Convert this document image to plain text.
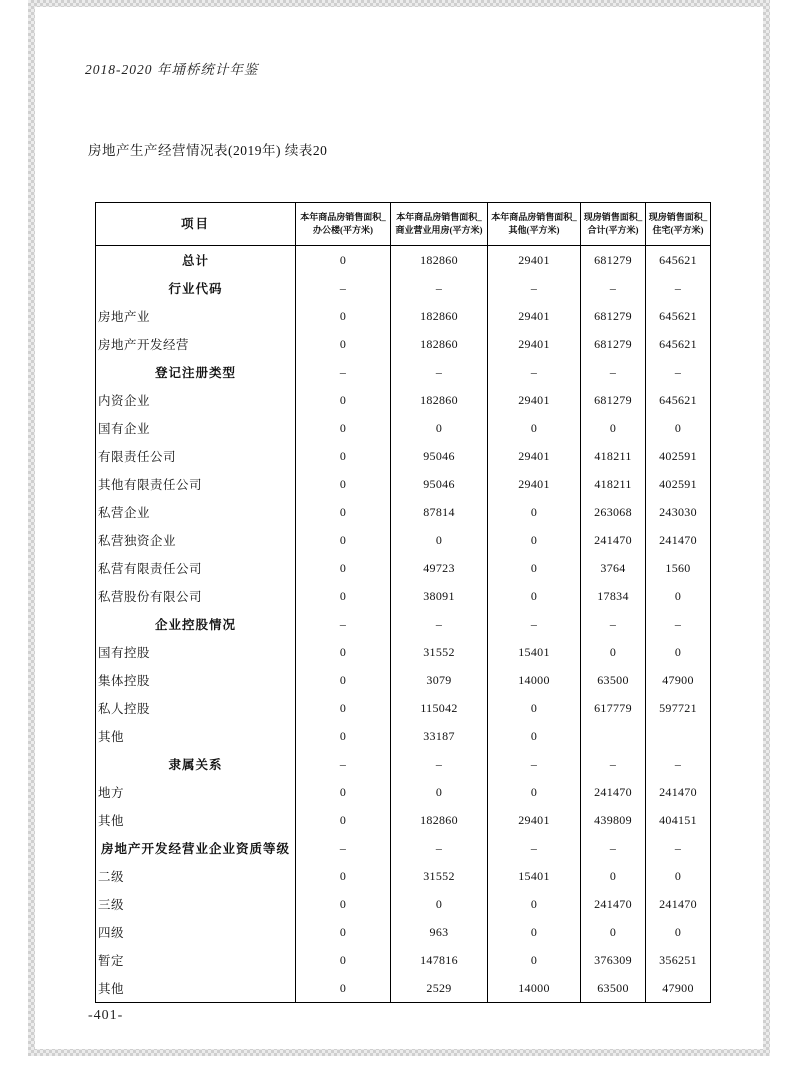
2018-2020 年埇桥统计年鉴
房地产生产经营情况表(2019年) 续表20
项目	本年商品房销售面积_办公楼(平方米)	本年商品房销售面积_商业营业用房(平方米)	本年商品房销售面积_其他(平方米)	现房销售面积_合计(平方米)	现房销售面积_住宅(平方米)
总计	0	182860	29401	681279	645621
行业代码	–	–	–	–	–
房地产业	0	182860	29401	681279	645621
房地产开发经营	0	182860	29401	681279	645621
登记注册类型	–	–	–	–	–
内资企业	0	182860	29401	681279	645621
国有企业	0	0	0	0	0
有限责任公司	0	95046	29401	418211	402591
其他有限责任公司	0	95046	29401	418211	402591
私营企业	0	87814	0	263068	243030
私营独资企业	0	0	0	241470	241470
私营有限责任公司	0	49723	0	3764	1560
私营股份有限公司	0	38091	0	17834	0
企业控股情况	–	–	–	–	–
国有控股	0	31552	15401	0	0
集体控股	0	3079	14000	63500	47900
私人控股	0	115042	0	617779	597721
其他	0	33187	0		
隶属关系	–	–	–	–	–
地方	0	0	0	241470	241470
其他	0	182860	29401	439809	404151
房地产开发经营业企业资质等级	–	–	–	–	–
二级	0	31552	15401	0	0
三级	0	0	0	241470	241470
四级	0	963	0	0	0
暂定	0	147816	0	376309	356251
其他	0	2529	14000	63500	47900
-401-
